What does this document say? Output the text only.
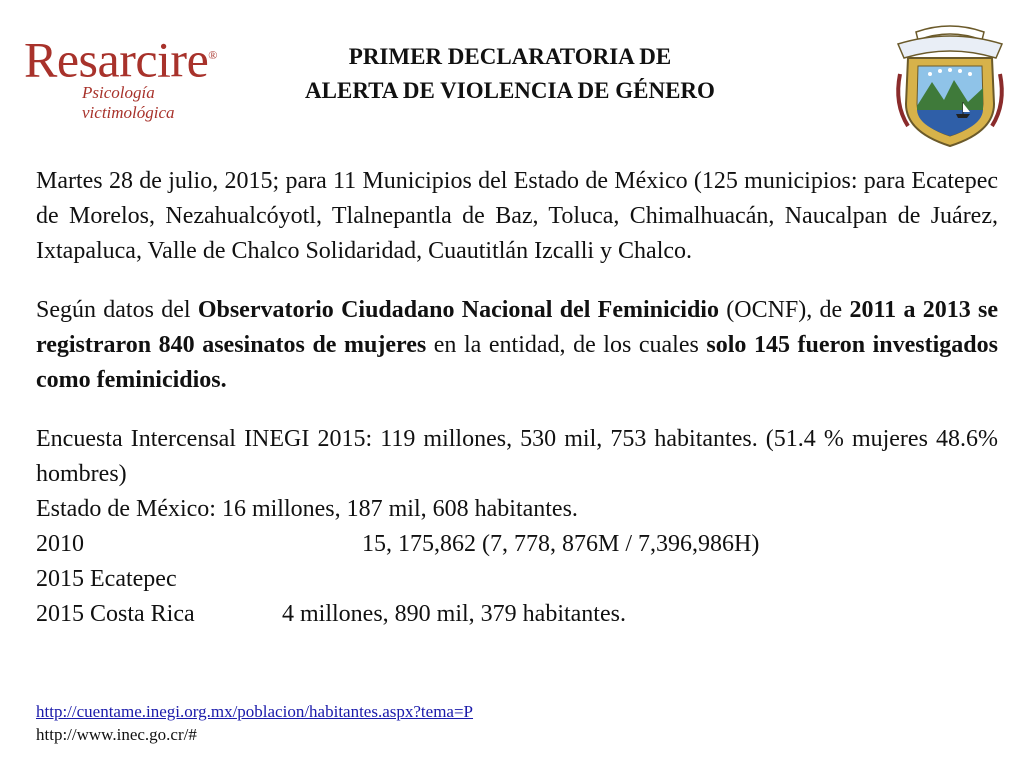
Resarcire®
Psicología victimológica
PRIMER DECLARATORIA DE
ALERTA DE VIOLENCIA DE GÉNERO

Martes 28 de julio, 2015; para 11 Municipios del Estado de México (125 municipios: para Ecatepec de Morelos, Nezahualcóyotl, Tlalnepantla de Baz, Toluca, Chimalhuacán, Naucalpan de Juárez, Ixtapaluca, Valle de Chalco Solidaridad, Cuautitlán Izcalli y Chalco.

Según datos del Observatorio Ciudadano Nacional del Feminicidio (OCNF), de 2011 a 2013 se registraron 840 asesinatos de mujeres en la entidad, de los cuales solo 145 fueron investigados como feminicidios.

Encuesta Intercensal INEGI 2015: 119 millones, 530 mil, 753 habitantes. (51.4 % mujeres 48.6% hombres)

Estado de México: 16 millones, 187 mil, 608 habitantes.
2010	15, 175,862 (7, 778, 876M / 7,396,986H)
2015 Ecatepec
2015 Costa Rica	4 millones, 890 mil, 379 habitantes.
http://cuentame.inegi.org.mx/poblacion/habitantes.aspx?tema=P
http://www.inec.go.cr/#
